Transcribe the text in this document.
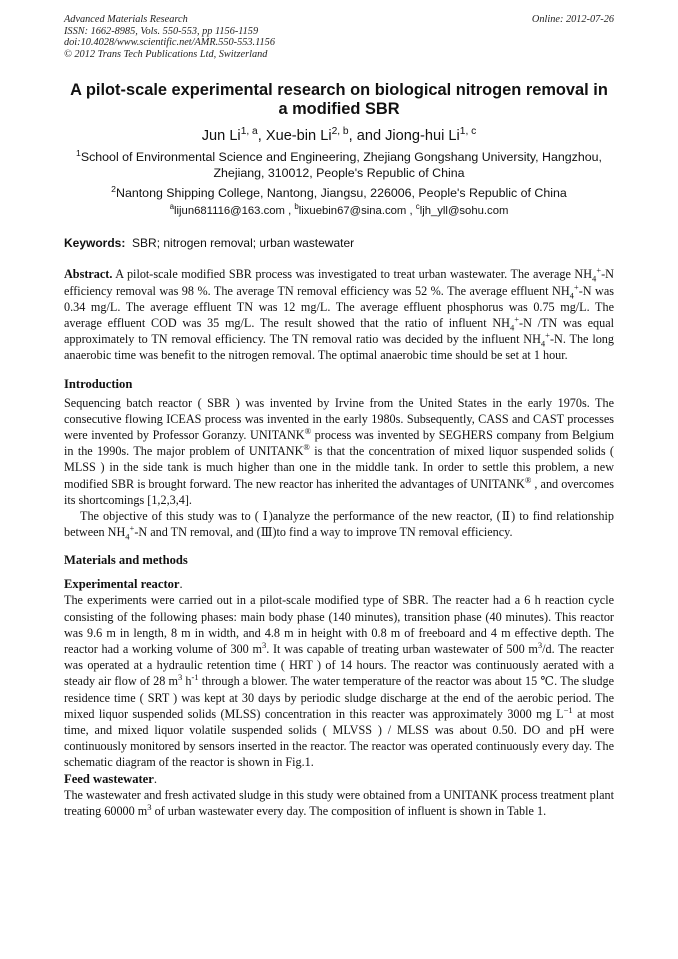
Advanced Materials Research
ISSN: 1662-8985, Vols. 550-553, pp 1156-1159
doi:10.4028/www.scientific.net/AMR.550-553.1156
© 2012 Trans Tech Publications Ltd, Switzerland
Online: 2012-07-26
A pilot-scale experimental research on biological nitrogen removal in a modified SBR
Jun Li$^{1, a}$, Xue-bin Li$^{2, b}$, and Jiong-hui Li$^{1, c}$
$^1$School of Environmental Science and Engineering, Zhejiang Gongshang University, Hangzhou, Zhejiang, 310012, People's Republic of China
$^2$Nantong Shipping College, Nantong, Jiangsu, 226006, People's Republic of China
$^a$lijun681116@163.com , $^b$lixuebin67@sina.com , $^c$ljh_yll@sohu.com
Keywords: SBR; nitrogen removal; urban wastewater
Abstract. A pilot-scale modified SBR process was investigated to treat urban wastewater. The average $NH_4^+-N$ efficiency removal was 98 %. The average TN removal efficiency was 52 %. The average effluent $NH_4^+-N$ was 0.34 mg/L. The average effluent TN was 12 mg/L. The average effluent phosphorus was 0.75 mg/L. The average effluent COD was 35 mg/L. The result showed that the ratio of influent $NH_4^+-N$ /TN was equal approximately to TN removal efficiency. The TN removal ratio was decided by the influent $NH_4^+-N$. The long anaerobic time was benefit to the nitrogen removal. The optimal anaerobic time should be set at 1 hour.
Introduction
Sequencing batch reactor ( SBR ) was invented by Irvine from the United States in the early 1970s. The consecutive flowing ICEAS process was invented in the early 1980s. Subsequently, CASS and CAST processes were invented by Professor Goranzy. UNITANK® process was invented by SEGHERS company from Belgium in the 1990s. The major problem of UNITANK® is that the concentration of mixed liquor suspended solids ( MLSS ) in the side tank is much higher than one in the middle tank. In order to settle this problem, a new modified SBR is brought forward. The new reactor has inherited the advantages of UNITANK® , and overcomes its shortcomings [1,2,3,4].
The objective of this study was to ( Ⅰ)analyze the performance of the new reactor, (Ⅱ) to find relationship between $NH_4^+-N$ and TN removal, and (Ⅲ)to find a way to improve TN removal efficiency.
Materials and methods
Experimental reactor.
The experiments were carried out in a pilot-scale modified type of SBR. The reacter had a 6 h reaction cycle consisting of the following phases: main body phase (140 minutes), transition phase (40 minutes). This reactor was 9.6 m in length, 8 m in width, and 4.8 m in height with 0.8 m of freeboard and 4 m effective depth. The reactor had a working volume of 300 $m^3$. It was capable of treating urban wastewater of 500 $m^3/d$. The reacter was operated at a hydraulic retention time ( HRT ) of 14 hours. The reactor was continuously aerated with a steady air flow of 28 $m^3$ $h^{-1}$ through a blower. The water temperature of the reactor was about 15 ℃. The sludge residence time ( SRT ) was kept at 30 days by periodic sludge discharge at the end of the aerobic period. The mixed liquor suspended solids (MLSS) concentration in this reacter was approximately 3000 mg $L^{-1}$ at most time, and mixed liquor volatile suspended solids ( MLVSS ) / MLSS was about 0.50. DO and pH were continuously monitored by sensors inserted in the reactor. The reactor was operated continuously every day. The schematic diagram of the reactor is shown in Fig.1.
Feed wastewater.
The wastewater and fresh activated sludge in this study were obtained from a UNITANK process treatment plant treating 60000 $m^3$ of urban wastewater every day. The composition of influent is shown in Table 1.
